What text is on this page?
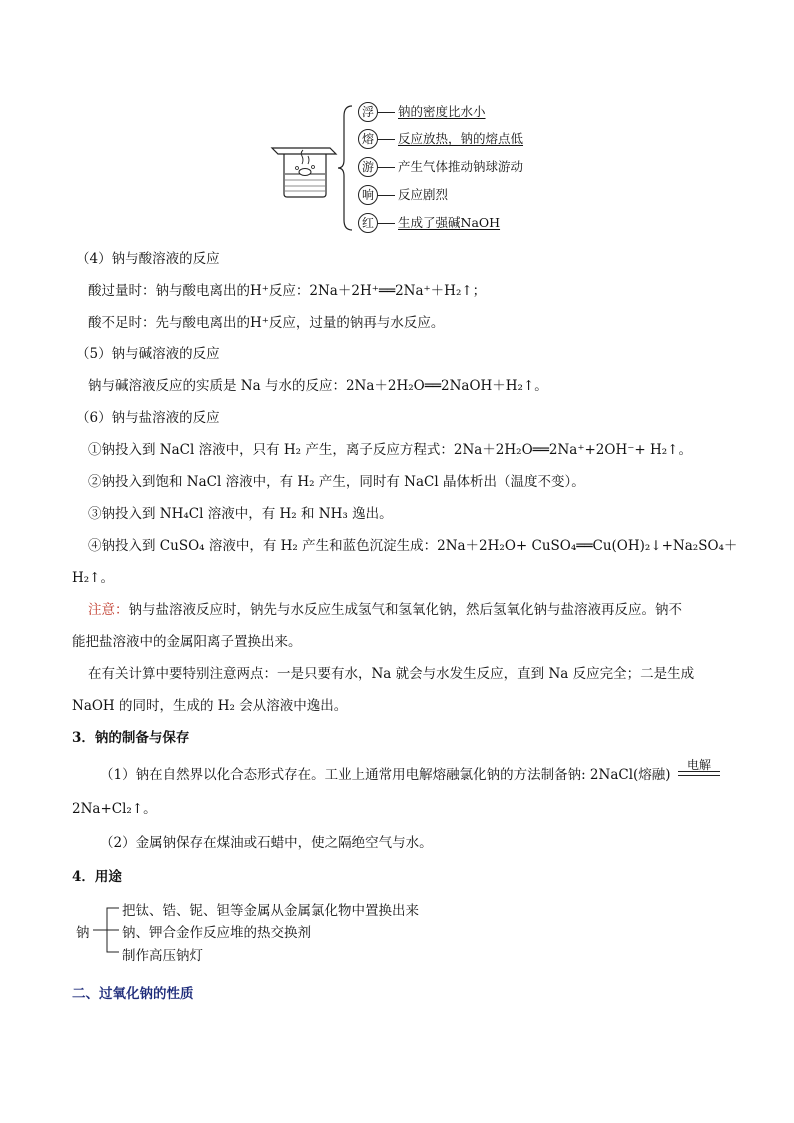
浮	钠的密度比水小
熔	反应放热，钠的熔点低
游	产生气体推动钠球游动
响	反应剧烈
红	生成了强碱NaOH
（4）钠与酸溶液的反应
酸过量时：钠与酸电离出的H⁺反应：2Na＋2H⁺══2Na⁺＋H₂↑；
酸不足时：先与酸电离出的H⁺反应，过量的钠再与水反应。
（5）钠与碱溶液的反应
钠与碱溶液反应的实质是 Na 与水的反应：2Na＋2H₂O══2NaOH＋H₂↑。
（6）钠与盐溶液的反应
①钠投入到 NaCl 溶液中，只有 H₂ 产生，离子反应方程式：2Na＋2H₂O══2Na⁺+2OH⁻+ H₂↑。
②钠投入到饱和 NaCl 溶液中，有 H₂ 产生，同时有 NaCl 晶体析出（温度不变）。
③钠投入到 NH₄Cl 溶液中，有 H₂ 和 NH₃ 逸出。
④钠投入到 CuSO₄ 溶液中，有 H₂ 产生和蓝色沉淀生成：2Na＋2H₂O+ CuSO₄══Cu(OH)₂↓+Na₂SO₄＋
H₂↑。
注意：钠与盐溶液反应时，钠先与水反应生成氢气和氢氧化钠，然后氢氧化钠与盐溶液再反应。钠不
能把盐溶液中的金属阳离子置换出来。
在有关计算中要特别注意两点：一是只要有水，Na 就会与水发生反应，直到 Na 反应完全；二是生成
NaOH 的同时，生成的 H₂ 会从溶液中逸出。
3．钠的制备与保存
（1）钠在自然界以化合态形式存在。工业上通常用电解熔融氯化钠的方法制备钠: 2NaCl(熔融)
电解
2Na+Cl₂↑。
（2）金属钠保存在煤油或石蜡中，使之隔绝空气与水。
4．用途
钠
把钛、锆、铌、钽等金属从金属氯化物中置换出来
钠、钾合金作反应堆的热交换剂
制作高压钠灯
二、过氧化钠的性质
